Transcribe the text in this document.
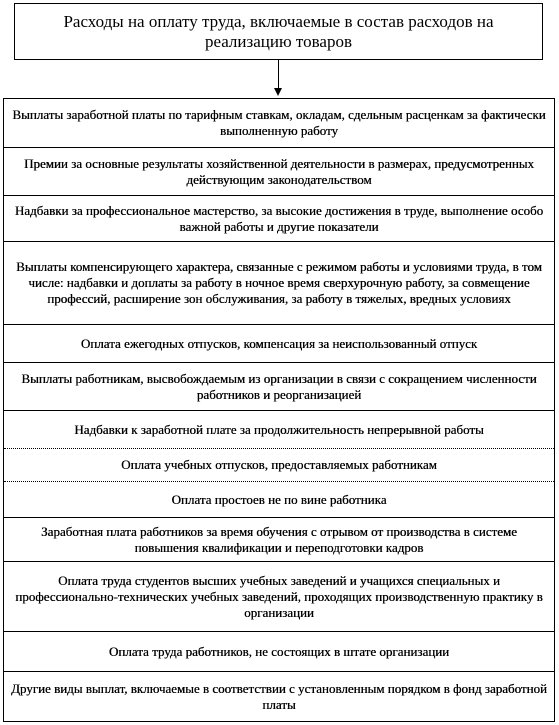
Расходы на оплату труда, включаемые в состав расходов на реализацию товаров
Выплаты заработной платы по тарифным ставкам, окладам, сдельным расценкам за фактически выполненную работу
Премии за основные результаты хозяйственной деятельности в размерах, предусмотренных действующим законодательством
Надбавки за профессиональное мастерство, за высокие достижения в труде, выполнение особо важной работы и другие показатели
Выплаты компенсирующего характера, связанные с режимом работы и условиями труда, в том числе: надбавки и доплаты за работу в ночное время сверхурочную работу, за совмещение профессий, расширение зон обслуживания, за работу в тяжелых, вредных условиях
Оплата ежегодных отпусков, компенсация за неиспользованный отпуск
Выплаты работникам, высвобождаемым из организации в связи с сокращением численности работников и реорганизацией
Надбавки к заработной плате за продолжительность непрерывной работы
Оплата учебных отпусков, предоставляемых работникам
Оплата простоев не по вине работника
Заработная плата работников за время обучения с отрывом от производства в системе повышения квалификации и переподготовки кадров
Оплата труда студентов высших учебных заведений и учащихся специальных и профессионально-технических учебных заведений, проходящих производственную практику в организации
Оплата труда работников, не состоящих в штате организации
Другие виды выплат, включаемые в соответствии с установленным порядком в фонд заработной платы
